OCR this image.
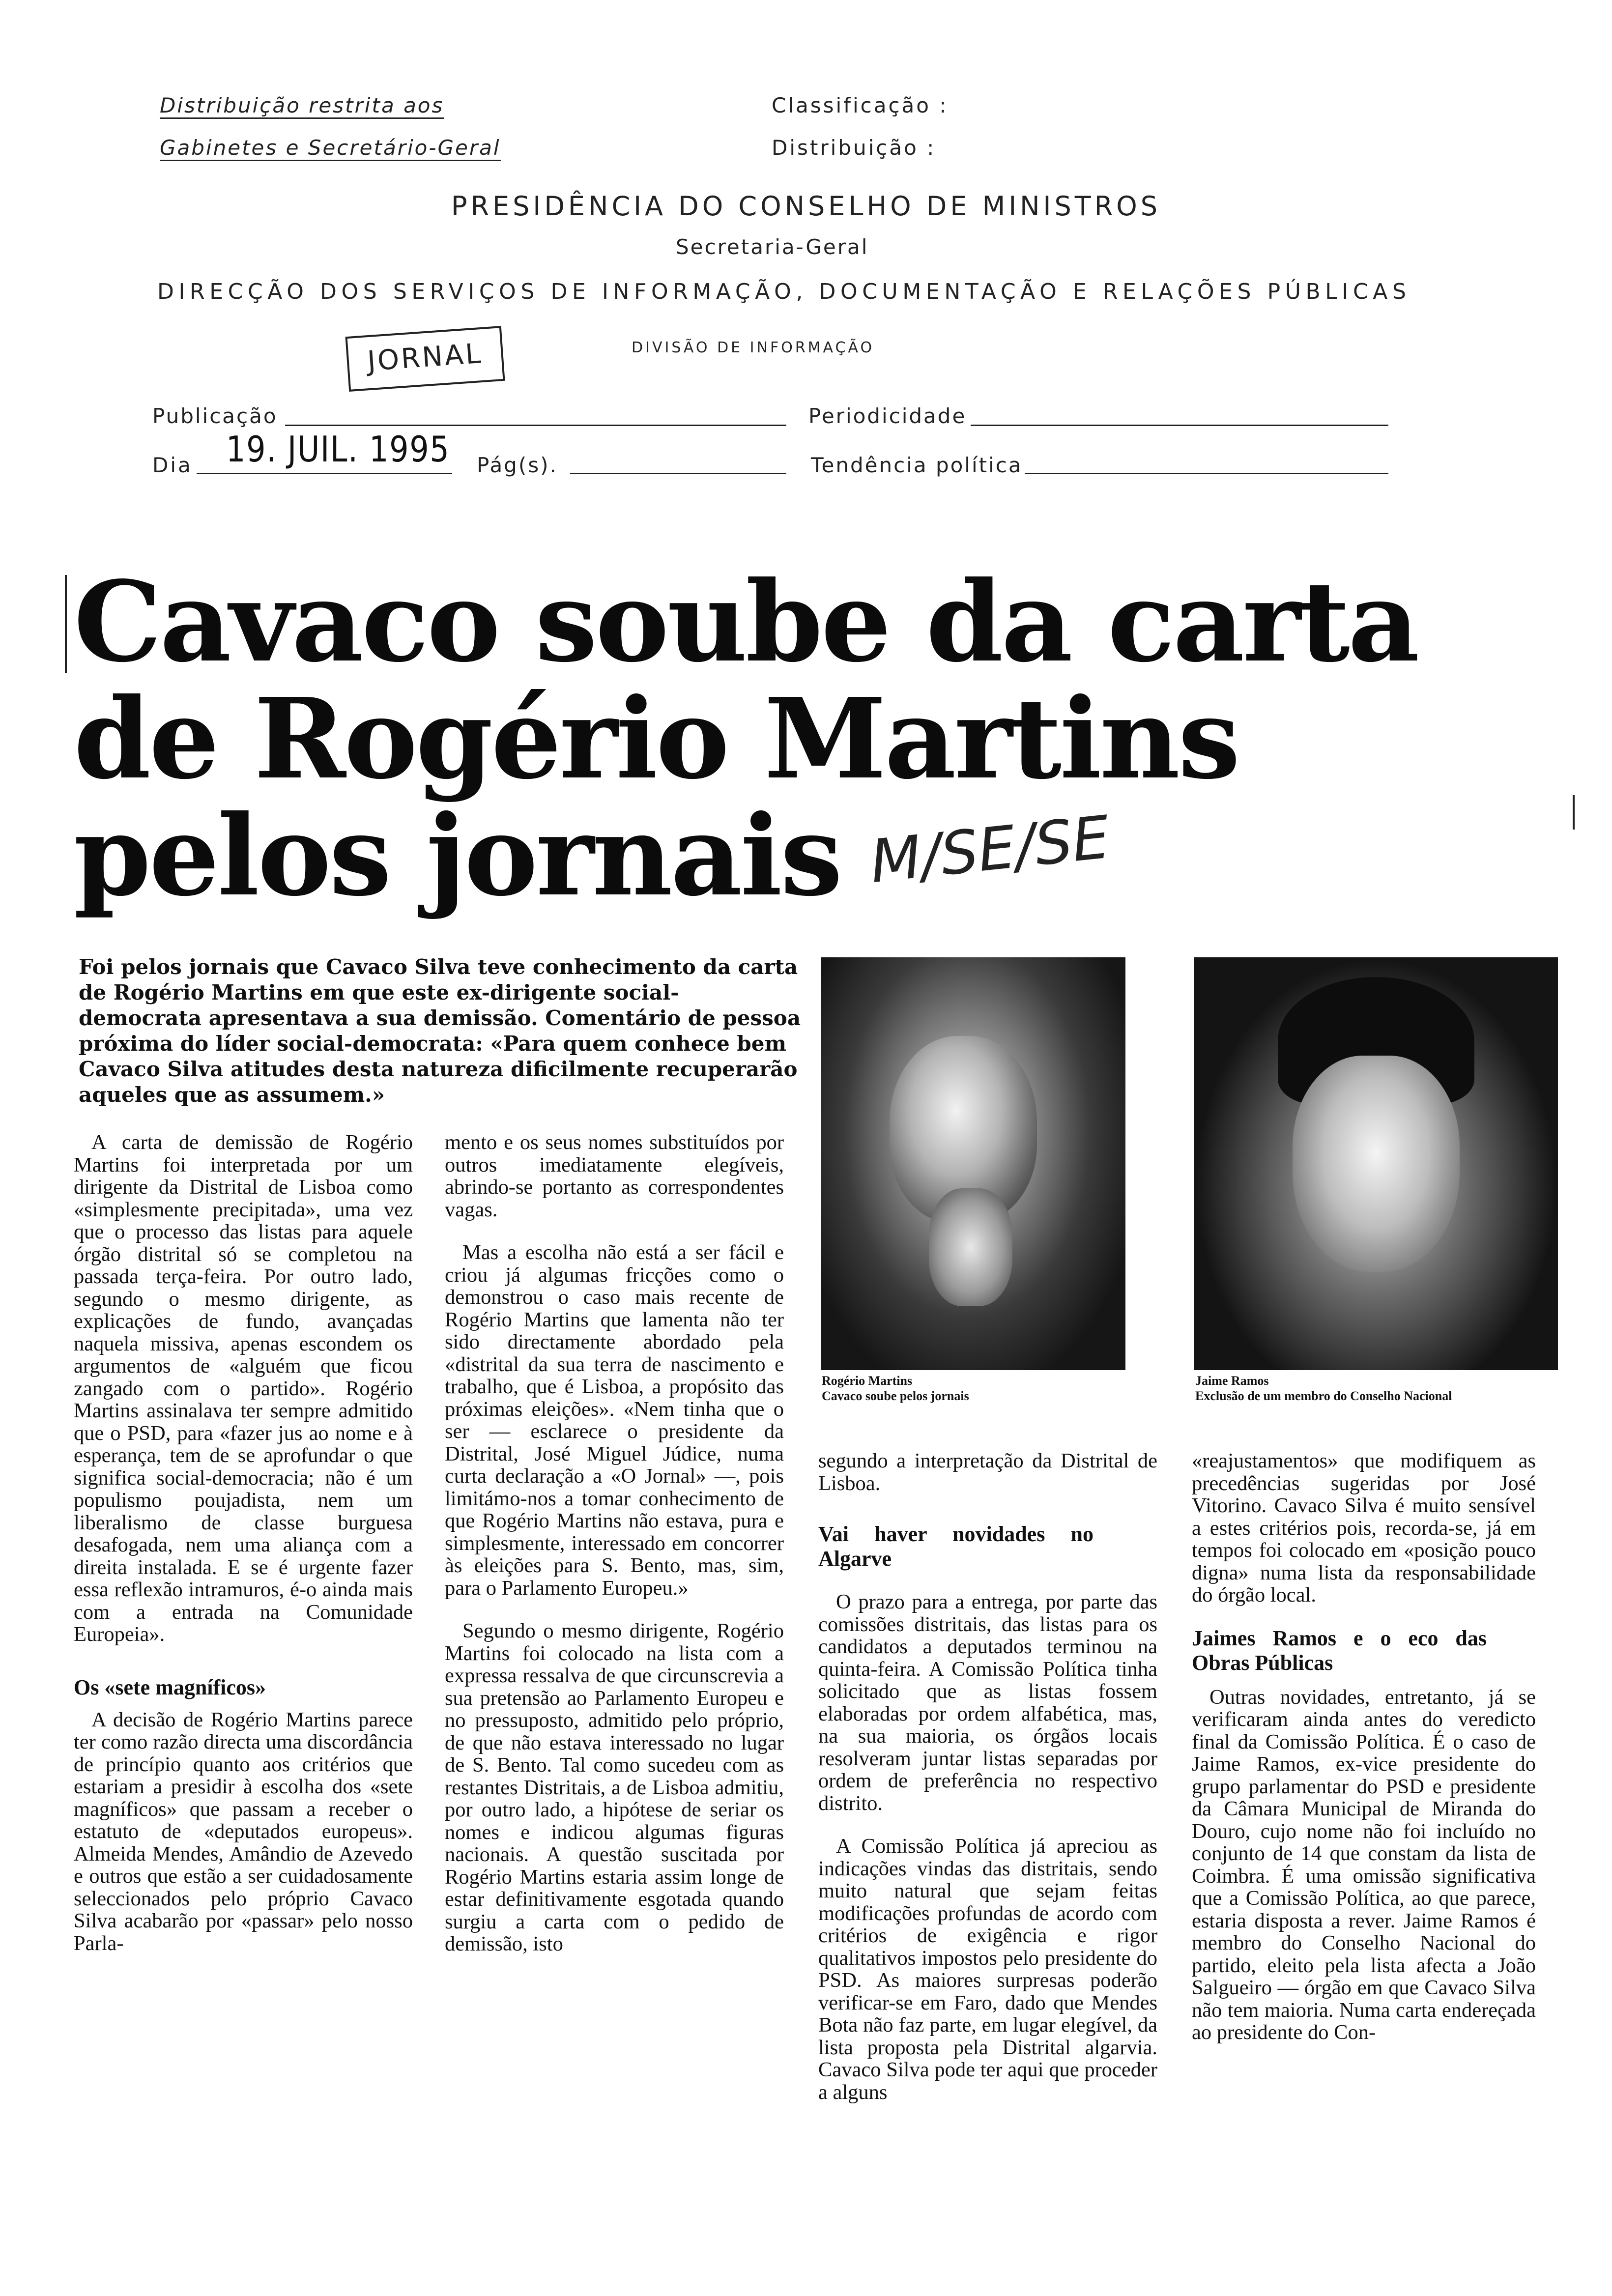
Distribuição restrita aos
Gabinetes e Secretário-Geral
Classificação :
Distribuição :
PRESIDÊNCIA DO CONSELHO DE MINISTROS
Secretaria-Geral
DIRECÇÃO DOS SERVIÇOS DE INFORMAÇÃO, DOCUMENTAÇÃO E RELAÇÕES PÚBLICAS
JORNAL	DIVISÃO DE INFORMAÇÃO
Publicação	Periodicidade
Dia 19. JUIL. 1995 Pág(s).	Tendência política
Cavaco soube da carta
de Rogério Martins
pelos jornais M/SE/SE
Foi pelos jornais que Cavaco Silva teve conhecimento da carta de Rogério Martins em que este ex-dirigente social-democrata apresentava a sua demissão. Comentário de pessoa próxima do líder social-democrata: «Para quem conhece bem Cavaco Silva atitudes desta natureza dificilmente recuperarão aqueles que as assumem.»
Rogério Martins
Cavaco soube pelos jornais
Jaime Ramos
Exclusão de um membro do Conselho Nacional

A carta de demissão de Rogério Martins foi interpretada por um dirigente da Distrital de Lisboa como «simplesmente precipitada», uma vez que o processo das listas para aquele órgão distrital só se completou na passada terça-feira. Por outro lado, segundo o mesmo dirigente, as explicações de fundo, avançadas naquela missiva, apenas escondem os argumentos de «alguém que ficou zangado com o partido». Rogério Martins assinalava ter sempre admitido que o PSD, para «fazer jus ao nome e à esperança, tem de se aprofundar o que significa social-democracia; não é um populismo poujadista, nem um liberalismo de classe burguesa desafogada, nem uma aliança com a direita instalada. E se é urgente fazer essa reflexão intramuros, é-o ainda mais com a entrada na Comunidade Europeia».

Os «sete magníficos»

A decisão de Rogério Martins parece ter como razão directa uma discordância de princípio quanto aos critérios que estariam a presidir à escolha dos «sete magníficos» que passam a receber o estatuto de «deputados europeus». Almeida Mendes, Amândio de Azevedo e outros que estão a ser cuidadosamente seleccionados pelo próprio Cavaco Silva acabarão por «passar» pelo nosso Parla-

mento e os seus nomes substituídos por outros imediatamente elegíveis, abrindo-se portanto as correspondentes vagas.

Mas a escolha não está a ser fácil e criou já algumas fricções como o demonstrou o caso mais recente de Rogério Martins que lamenta não ter sido directamente abordado pela «distrital da sua terra de nascimento e trabalho, que é Lisboa, a propósito das próximas eleições». «Nem tinha que o ser — esclarece o presidente da Distrital, José Miguel Júdice, numa curta declaração a «O Jornal» —, pois limitámo-nos a tomar conhecimento de que Rogério Martins não estava, pura e simplesmente, interessado em concorrer às eleições para S. Bento, mas, sim, para o Parlamento Europeu.»

Segundo o mesmo dirigente, Rogério Martins foi colocado na lista com a expressa ressalva de que circunscrevia a sua pretensão ao Parlamento Europeu e no pressuposto, admitido pelo próprio, de que não estava interessado no lugar de S. Bento. Tal como sucedeu com as restantes Distritais, a de Lisboa admitiu, por outro lado, a hipótese de seriar os nomes e indicou algumas figuras nacionais. A questão suscitada por Rogério Martins estaria assim longe de estar definitivamente esgotada quando surgiu a carta com o pedido de demissão, isto

segundo a interpretação da Distrital de Lisboa.

Vai haver novidades no Algarve

O prazo para a entrega, por parte das comissões distritais, das listas para os candidatos a deputados terminou na quinta-feira. A Comissão Política tinha solicitado que as listas fossem elaboradas por ordem alfabética, mas, na sua maioria, os órgãos locais resolveram juntar listas separadas por ordem de preferência no respectivo distrito.

A Comissão Política já apreciou as indicações vindas das distritais, sendo muito natural que sejam feitas modificações profundas de acordo com critérios de exigência e rigor qualitativos impostos pelo presidente do PSD. As maiores surpresas poderão verificar-se em Faro, dado que Mendes Bota não faz parte, em lugar elegível, da lista proposta pela Distrital algarvia. Cavaco Silva pode ter aqui que proceder a alguns

«reajustamentos» que modifiquem as precedências sugeridas por José Vitorino. Cavaco Silva é muito sensível a estes critérios pois, recorda-se, já em tempos foi colocado em «posição pouco digna» numa lista da responsabilidade do órgão local.

Jaimes Ramos e o eco das Obras Públicas

Outras novidades, entretanto, já se verificaram ainda antes do veredicto final da Comissão Política. É o caso de Jaime Ramos, ex-vice presidente do grupo parlamentar do PSD e presidente da Câmara Municipal de Miranda do Douro, cujo nome não foi incluído no conjunto de 14 que constam da lista de Coimbra. É uma omissão significativa que a Comissão Política, ao que parece, estaria disposta a rever. Jaime Ramos é membro do Conselho Nacional do partido, eleito pela lista afecta a João Salgueiro — órgão em que Cavaco Silva não tem maioria. Numa carta endereçada ao presidente do Con-
